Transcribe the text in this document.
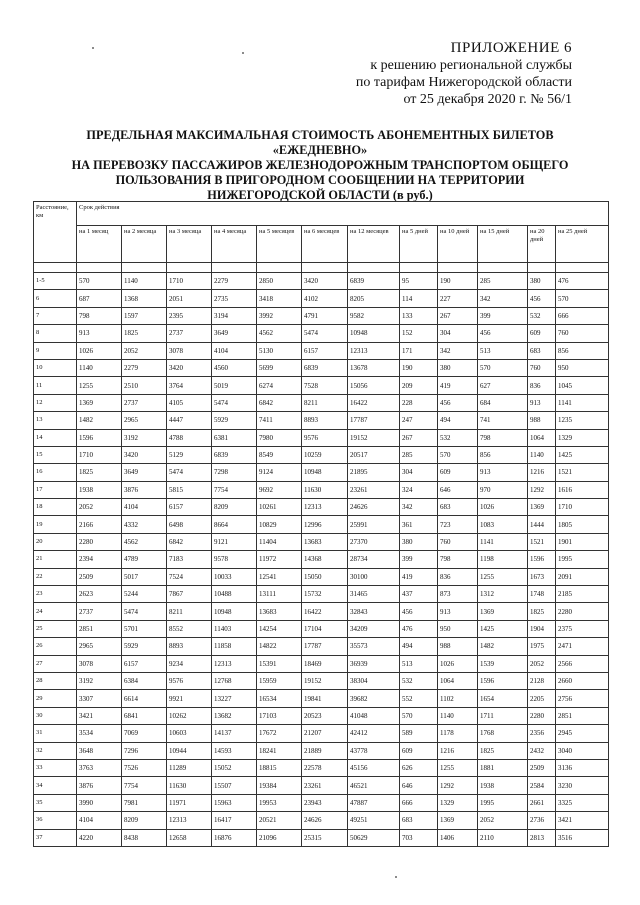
ПРИЛОЖЕНИЕ 6
к решению региональной службы
по тарифам Нижегородской области
от 25 декабря 2020 г. № 56/1
ПРЕДЕЛЬНАЯ МАКСИМАЛЬНАЯ СТОИМОСТЬ АБОНЕМЕНТНЫХ БИЛЕТОВ «ЕЖЕДНЕВНО»
НА ПЕРЕВОЗКУ ПАССАЖИРОВ ЖЕЛЕЗНОДОРОЖНЫМ ТРАНСПОРТОМ ОБЩЕГО
ПОЛЬЗОВАНИЯ В ПРИГОРОДНОМ СООБЩЕНИИ НА ТЕРРИТОРИИ
НИЖЕГОРОДСКОЙ ОБЛАСТИ (в руб.)
Расстояние, км	Срок действия											
	на 1 месяц	на 2 месяца	на 3 месяца	на 4 месяца	на 5 месяцев	на 6 месяцев	на 12 месяцев	на 5 дней	на 10 дней	на 15 дней	на 20 дней	на 25 дней

1-5	570	1140	1710	2279	2850	3420	6839	95	190	285	380	476
6	687	1368	2051	2735	3418	4102	8205	114	227	342	456	570
7	798	1597	2395	3194	3992	4791	9582	133	267	399	532	666
8	913	1825	2737	3649	4562	5474	10948	152	304	456	609	760
9	1026	2052	3078	4104	5130	6157	12313	171	342	513	683	856
10	1140	2279	3420	4560	5699	6839	13678	190	380	570	760	950
11	1255	2510	3764	5019	6274	7528	15056	209	419	627	836	1045
12	1369	2737	4105	5474	6842	8211	16422	228	456	684	913	1141
13	1482	2965	4447	5929	7411	8893	17787	247	494	741	988	1235
14	1596	3192	4788	6381	7980	9576	19152	267	532	798	1064	1329
15	1710	3420	5129	6839	8549	10259	20517	285	570	856	1140	1425
16	1825	3649	5474	7298	9124	10948	21895	304	609	913	1216	1521
17	1938	3876	5815	7754	9692	11630	23261	324	646	970	1292	1616
18	2052	4104	6157	8209	10261	12313	24626	342	683	1026	1369	1710
19	2166	4332	6498	8664	10829	12996	25991	361	723	1083	1444	1805
20	2280	4562	6842	9121	11404	13683	27370	380	760	1141	1521	1901
21	2394	4789	7183	9578	11972	14368	28734	399	798	1198	1596	1995
22	2509	5017	7524	10033	12541	15050	30100	419	836	1255	1673	2091
23	2623	5244	7867	10488	13111	15732	31465	437	873	1312	1748	2185
24	2737	5474	8211	10948	13683	16422	32843	456	913	1369	1825	2280
25	2851	5701	8552	11403	14254	17104	34209	476	950	1425	1904	2375
26	2965	5929	8893	11858	14822	17787	35573	494	988	1482	1975	2471
27	3078	6157	9234	12313	15391	18469	36939	513	1026	1539	2052	2566
28	3192	6384	9576	12768	15959	19152	38304	532	1064	1596	2128	2660
29	3307	6614	9921	13227	16534	19841	39682	552	1102	1654	2205	2756
30	3421	6841	10262	13682	17103	20523	41048	570	1140	1711	2280	2851
31	3534	7069	10603	14137	17672	21207	42412	589	1178	1768	2356	2945
32	3648	7296	10944	14593	18241	21889	43778	609	1216	1825	2432	3040
33	3763	7526	11289	15052	18815	22578	45156	626	1255	1881	2509	3136
34	3876	7754	11630	15507	19384	23261	46521	646	1292	1938	2584	3230
35	3990	7981	11971	15963	19953	23943	47887	666	1329	1995	2661	3325
36	4104	8209	12313	16417	20521	24626	49251	683	1369	2052	2736	3421
37	4220	8438	12658	16876	21096	25315	50629	703	1406	2110	2813	3516
